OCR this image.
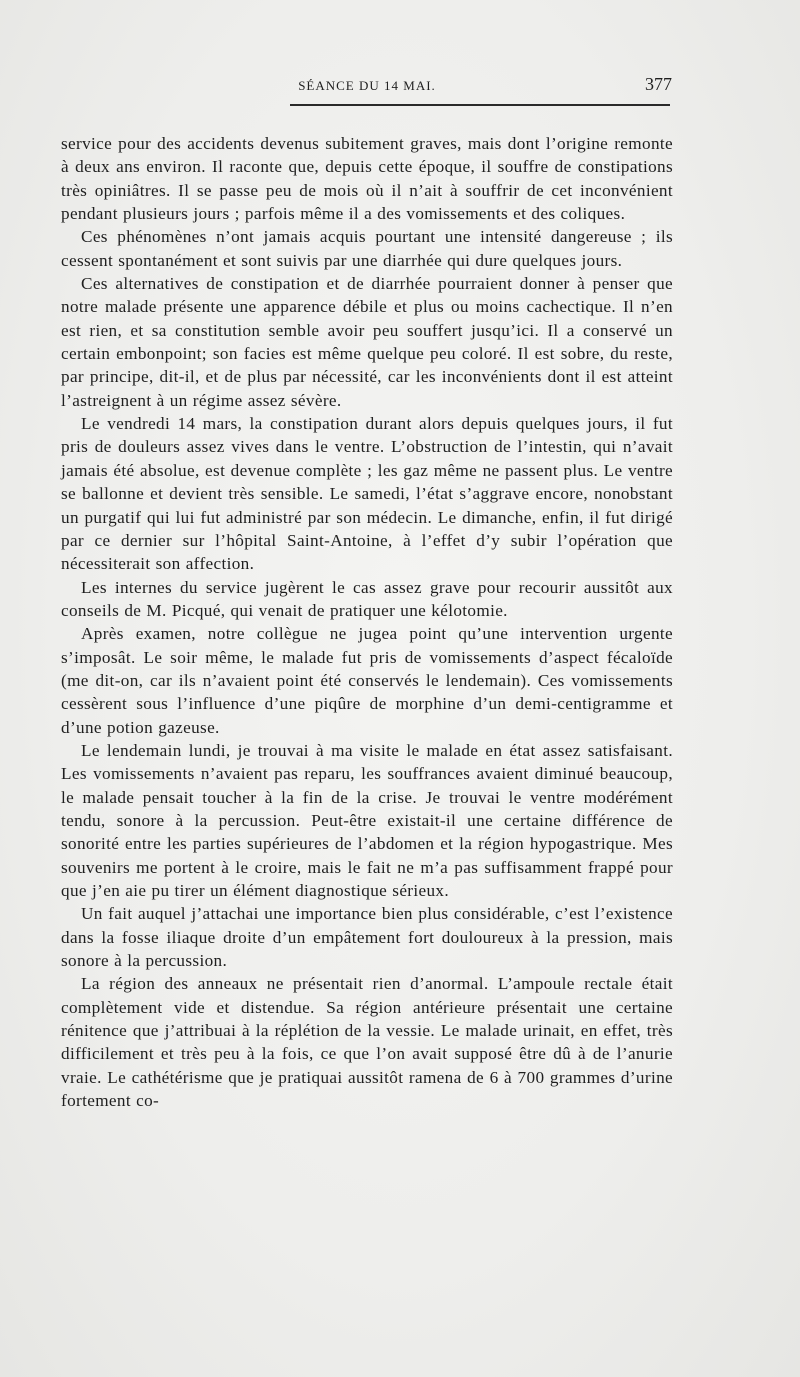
SÉANCE DU 14 MAI.	377

service pour des accidents devenus subitement graves, mais dont l’origine remonte à deux ans environ. Il raconte que, depuis cette époque, il souffre de constipations très opiniâtres. Il se passe peu de mois où il n’ait à souffrir de cet inconvénient pendant plusieurs jours ; parfois même il a des vomissements et des coliques.

Ces phénomènes n’ont jamais acquis pourtant une intensité dangereuse ; ils cessent spontanément et sont suivis par une diarrhée qui dure quelques jours.

Ces alternatives de constipation et de diarrhée pourraient donner à penser que notre malade présente une apparence débile et plus ou moins cachectique. Il n’en est rien, et sa constitution semble avoir peu souffert jusqu’ici. Il a conservé un certain embonpoint; son facies est même quelque peu coloré. Il est sobre, du reste, par principe, dit-il, et de plus par nécessité, car les inconvénients dont il est atteint l’astreignent à un régime assez sévère.

Le vendredi 14 mars, la constipation durant alors depuis quelques jours, il fut pris de douleurs assez vives dans le ventre. L’obstruction de l’intestin, qui n’avait jamais été absolue, est devenue complète ; les gaz même ne passent plus. Le ventre se ballonne et devient très sensible. Le samedi, l’état s’aggrave encore, nonobstant un purgatif qui lui fut administré par son médecin. Le dimanche, enfin, il fut dirigé par ce dernier sur l’hôpital Saint-Antoine, à l’effet d’y subir l’opération que nécessiterait son affection.

Les internes du service jugèrent le cas assez grave pour recourir aussitôt aux conseils de M. Picqué, qui venait de pratiquer une kélotomie.

Après examen, notre collègue ne jugea point qu’une intervention urgente s’imposât. Le soir même, le malade fut pris de vomissements d’aspect fécaloïde (me dit-on, car ils n’avaient point été conservés le lendemain). Ces vomissements cessèrent sous l’influence d’une piqûre de morphine d’un demi-centigramme et d’une potion gazeuse.

Le lendemain lundi, je trouvai à ma visite le malade en état assez satisfaisant. Les vomissements n’avaient pas reparu, les souffrances avaient diminué beaucoup, le malade pensait toucher à la fin de la crise. Je trouvai le ventre modérément tendu, sonore à la percussion. Peut-être existait-il une certaine différence de sonorité entre les parties supérieures de l’abdomen et la région hypogastrique. Mes souvenirs me portent à le croire, mais le fait ne m’a pas suffisamment frappé pour que j’en aie pu tirer un élément diagnostique sérieux.

Un fait auquel j’attachai une importance bien plus considérable, c’est l’existence dans la fosse iliaque droite d’un empâtement fort douloureux à la pression, mais sonore à la percussion.

La région des anneaux ne présentait rien d’anormal. L’ampoule rectale était complètement vide et distendue. Sa région antérieure présentait une certaine rénitence que j’attribuai à la réplétion de la vessie. Le malade urinait, en effet, très difficilement et très peu à la fois, ce que l’on avait supposé être dû à de l’anurie vraie. Le cathétérisme que je pratiquai aussitôt ramena de 6 à 700 grammes d’urine fortement co-
